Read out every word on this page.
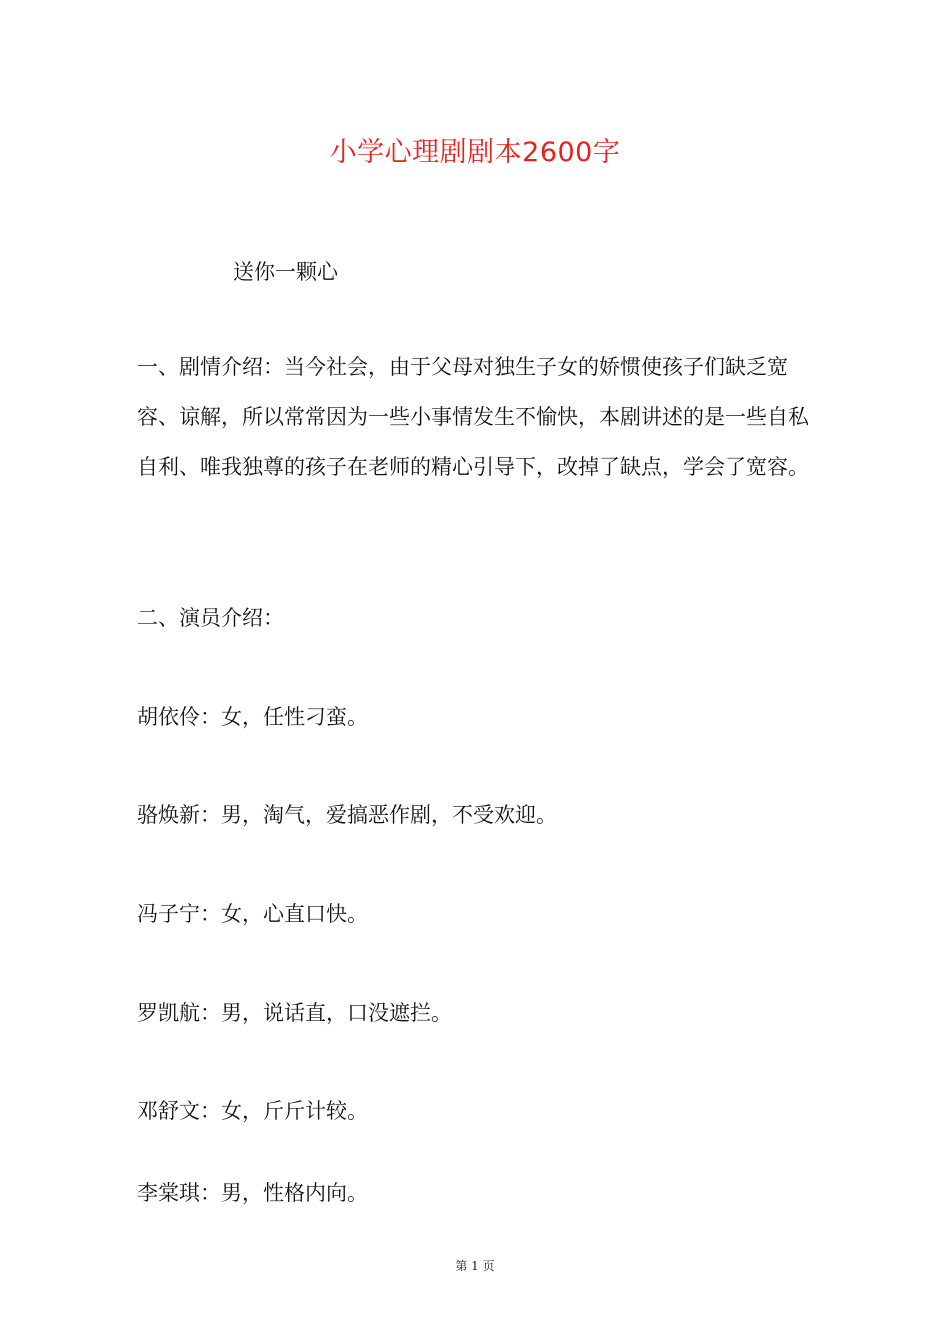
小学心理剧剧本2600字
送你一颗心
一、剧情介绍：当今社会，由于父母对独生子女的娇惯使孩子们缺乏宽容、谅解，所以常常因为一些小事情发生不愉快，本剧讲述的是一些自私自利、唯我独尊的孩子在老师的精心引导下，改掉了缺点，学会了宽容。
二、演员介绍：
胡依伶：女，任性刁蛮。
骆焕新：男，淘气，爱搞恶作剧，不受欢迎。
冯子宁：女，心直口快。
罗凯航：男，说话直，口没遮拦。
邓舒文：女，斤斤计较。
李棠琪：男，性格内向。
第 1 页
